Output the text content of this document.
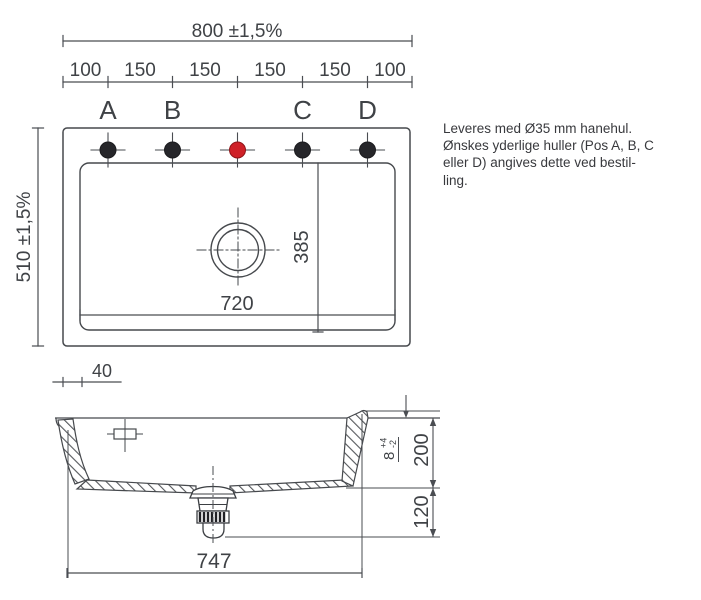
800 ±1,5%
100 150 150 150 150 100
A B	C D
510 ±1,5%	385
720
40
8
+4 -2 200
120
747
Leveres med Ø35 mm hanehul.
Ønskes yderlige huller (Pos A, B, C
eller D) angives dette ved bestil-
ling.
